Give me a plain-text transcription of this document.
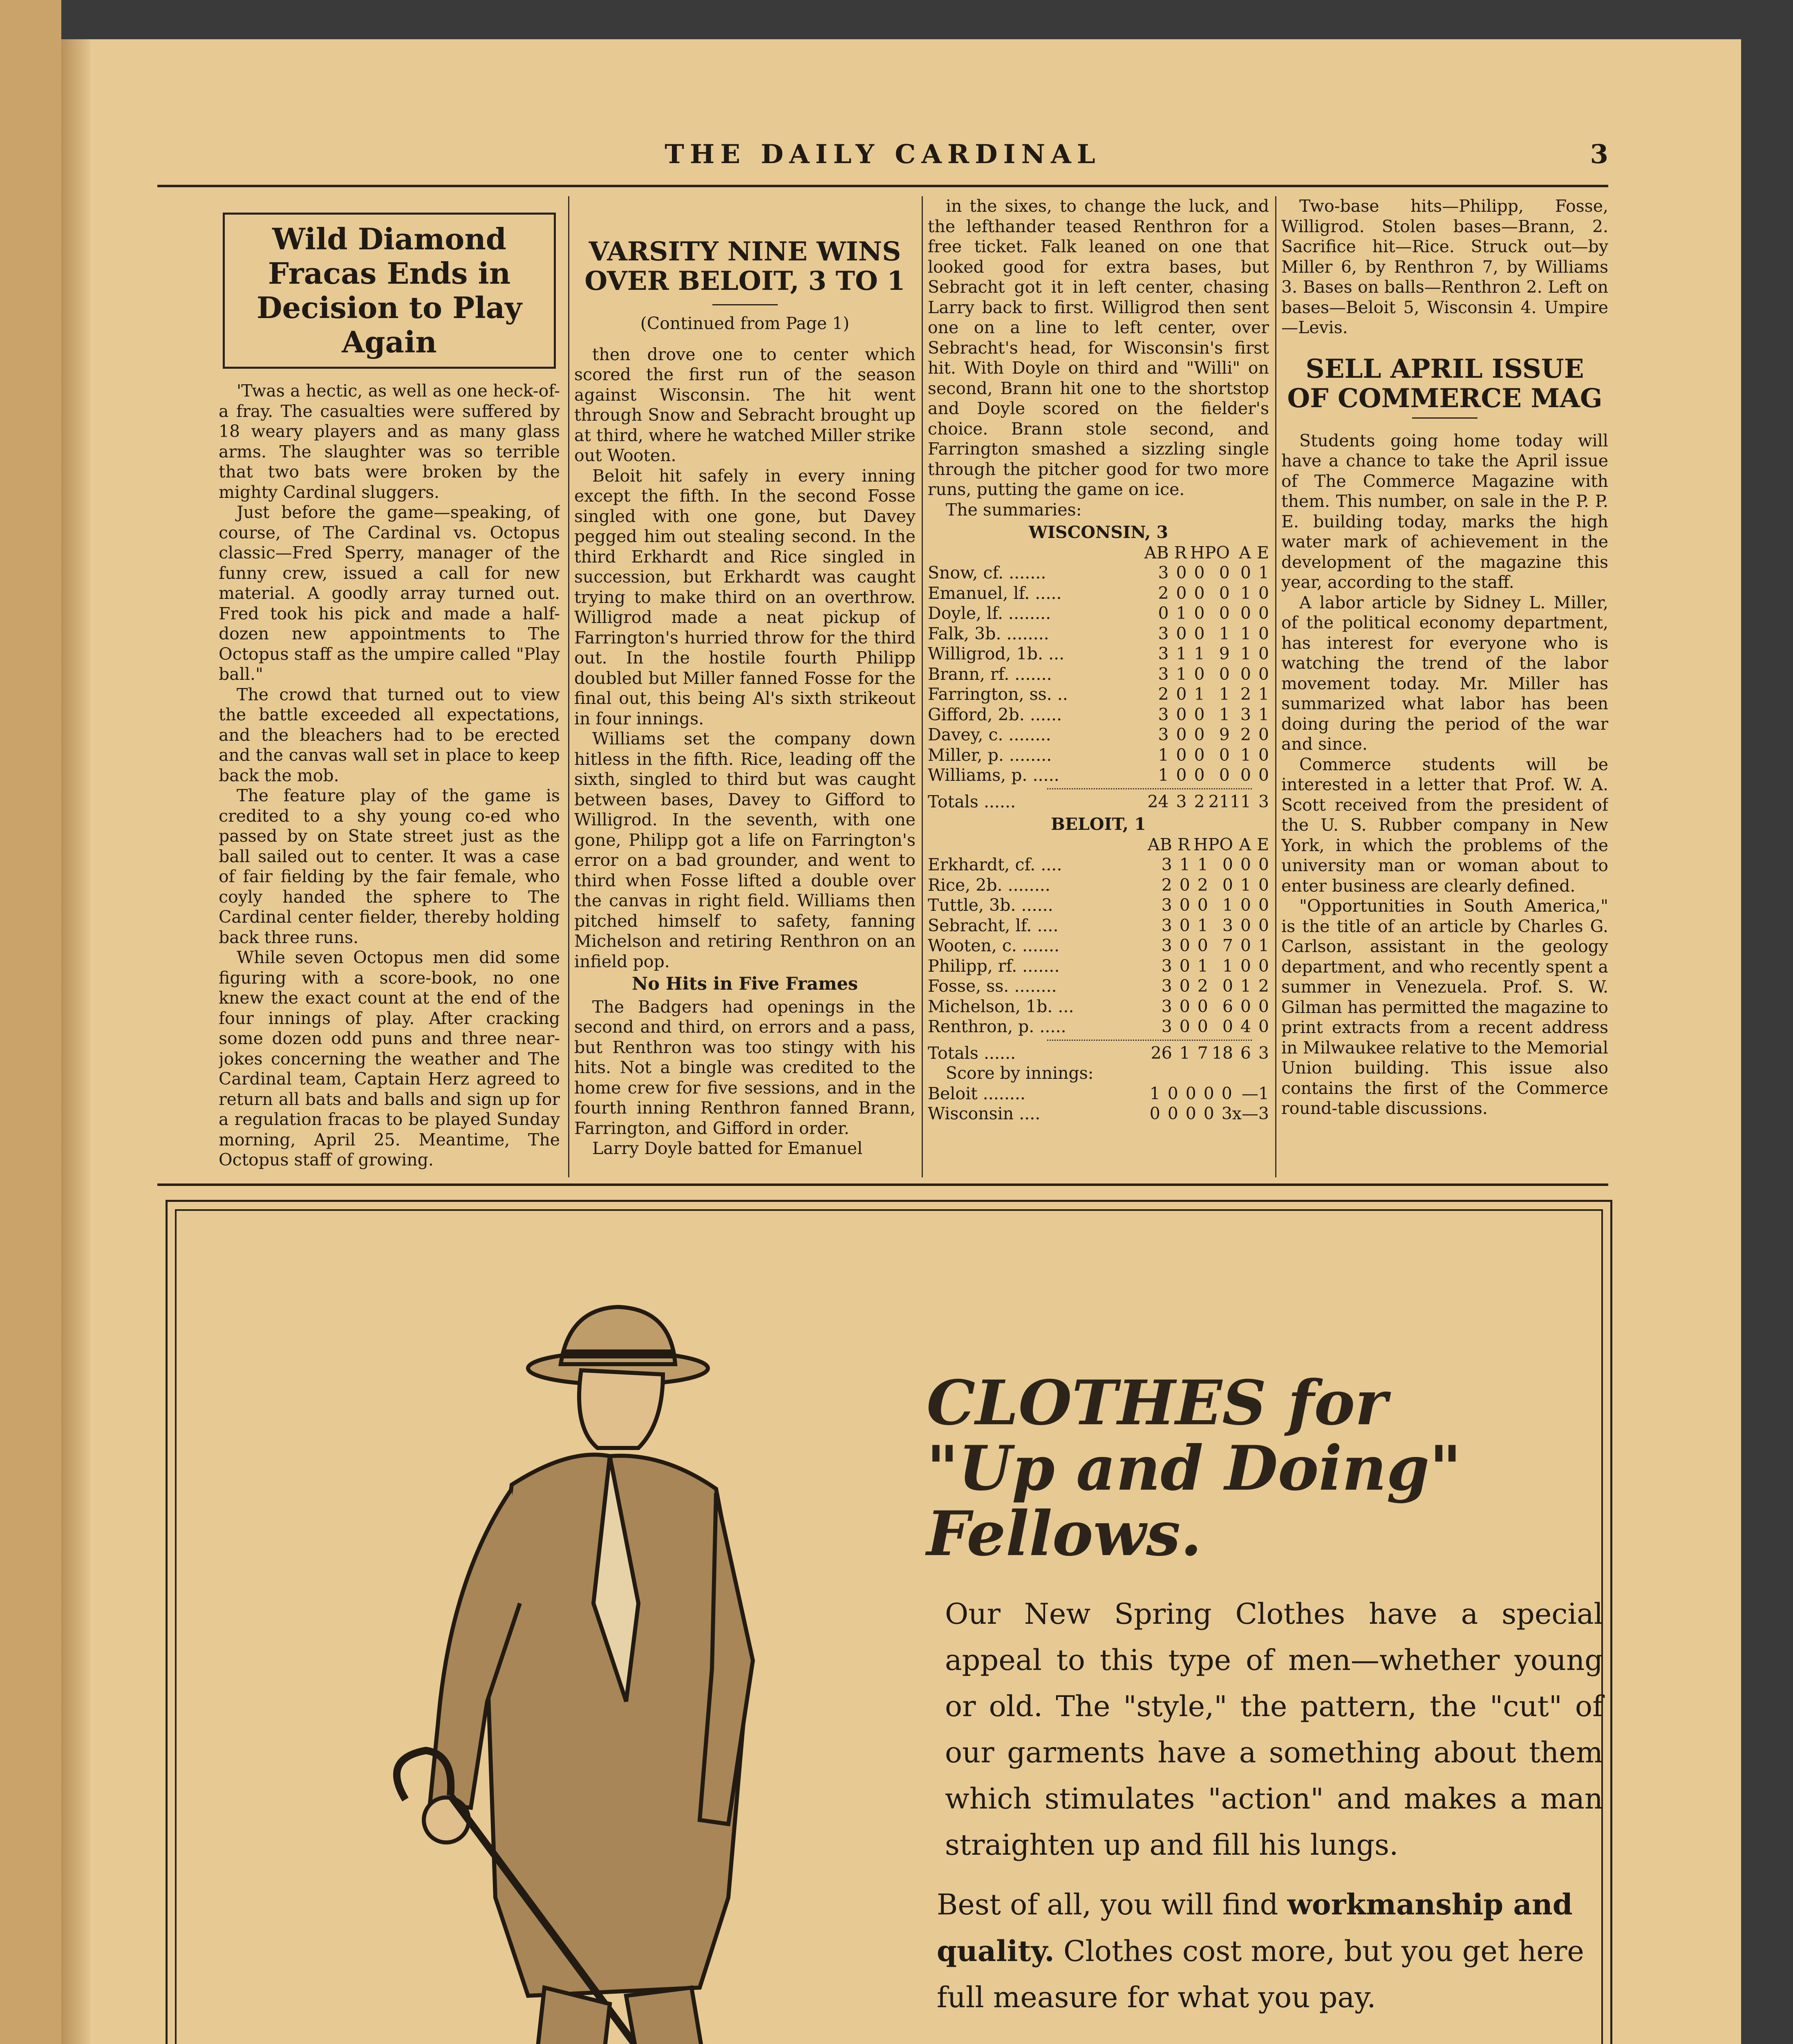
THE DAILY CARDINAL	3
Wild Diamond Fracas Ends in Decision to Play Again

'Twas a hectic, as well as one heck-of-a fray. The casualties were suffered by 18 weary players and as many glass arms. The slaughter was so terrible that two bats were broken by the mighty Cardinal sluggers.

Just before the game—speaking, of course, of The Cardinal vs. Octopus classic—Fred Sperry, manager of the funny crew, issued a call for new material. A goodly array turned out. Fred took his pick and made a half-dozen new appointments to The Octopus staff as the umpire called "Play ball."

The crowd that turned out to view the battle exceeded all expectations, and the bleachers had to be erected and the canvas wall set in place to keep back the mob.

The feature play of the game is credited to a shy young co-ed who passed by on State street just as the ball sailed out to center. It was a case of fair fielding by the fair female, who coyly handed the sphere to The Cardinal center fielder, thereby holding back three runs.

While seven Octopus men did some figuring with a score-book, no one knew the exact count at the end of the four innings of play. After cracking some dozen odd puns and three near-jokes concerning the weather and The Cardinal team, Captain Herz agreed to return all bats and balls and sign up for a regulation fracas to be played Sunday morning, April 25. Meantime, The Octopus staff of growing.

VARSITY NINE WINS OVER BELOIT, 3 TO 1
(Continued from Page 1)

then drove one to center which scored the first run of the season against Wisconsin. The hit went through Snow and Sebracht brought up at third, where he watched Miller strike out Wooten.

Beloit hit safely in every inning except the fifth. In the second Fosse singled with one gone, but Davey pegged him out stealing second. In the third Erkhardt and Rice singled in succession, but Erkhardt was caught trying to make third on an overthrow. Willigrod made a neat pickup of Farrington's hurried throw for the third out. In the hostile fourth Philipp doubled but Miller fanned Fosse for the final out, this being Al's sixth strikeout in four innings.

Williams set the company down hitless in the fifth. Rice, leading off the sixth, singled to third but was caught between bases, Davey to Gifford to Willigrod. In the seventh, with one gone, Philipp got a life on Farrington's error on a bad grounder, and went to third when Fosse lifted a double over the canvas in right field. Williams then pitched himself to safety, fanning Michelson and retiring Renthron on an infield pop.

No Hits in Five Frames

The Badgers had openings in the second and third, on errors and a pass, but Renthron was too stingy with his hits. Not a bingle was credited to the home crew for five sessions, and in the fourth inning Renthron fanned Brann, Farrington, and Gifford in order.

Larry Doyle batted for Emanuel

in the sixes, to change the luck, and the lefthander teased Renthron for a free ticket. Falk leaned on one that looked good for extra bases, but Sebracht got it in left center, chasing Larry back to first. Willigrod then sent one on a line to left center, over Sebracht's head, for Wisconsin's first hit. With Doyle on third and "Willi" on second, Brann hit one to the shortstop and Doyle scored on the fielder's choice. Brann stole second, and Farrington smashed a sizzling single through the pitcher good for two more runs, putting the game on ice.

The summaries:

WISCONSIN, 3
	AB	R	H	PO	A	E
Snow, cf. .......	3	0	0	0	0	1
Emanuel, lf. .....	2	0	0	0	1	0
Doyle, lf. ........	0	1	0	0	0	0
Falk, 3b. ........	3	0	0	1	1	0
Willigrod, 1b. ...	3	1	1	9	1	0
Brann, rf. .......	3	1	0	0	0	0
Farrington, ss. ..	2	0	1	1	2	1
Gifford, 2b. ......	3	0	0	1	3	1
Davey, c. ........	3	0	0	9	2	0
Miller, p. ........	1	0	0	0	1	0
Williams, p. .....	1	0	0	0	0	0

Totals ......	24	3	2	21	11	3
BELOIT, 1
	AB	R	H	PO	A	E
Erkhardt, cf. ....	3	1	1	0	0	0
Rice, 2b. ........	2	0	2	0	1	0
Tuttle, 3b. ......	3	0	0	1	0	0
Sebracht, lf. ....	3	0	1	3	0	0
Wooten, c. .......	3	0	0	7	0	1
Philipp, rf. .......	3	0	1	1	0	0
Fosse, ss. ........	3	0	2	0	1	2
Michelson, 1b. ...	3	0	0	6	0	0
Renthron, p. .....	3	0	0	0	4	0

Totals ......	26	1	7	18	6	3
Score by innings:
Beloit ........	1	0	0	0	0	—1
Wisconsin ....	0	0	0	0	3	x—3

Two-base hits—Philipp, Fosse, Willigrod. Stolen bases—Brann, 2. Sacrifice hit—Rice. Struck out—by Miller 6, by Renthron 7, by Williams 3. Bases on balls—Renthron 2. Left on bases—Beloit 5, Wisconsin 4. Umpire—Levis.

SELL APRIL ISSUE OF COMMERCE MAG

Students going home today will have a chance to take the April issue of The Commerce Magazine with them. This number, on sale in the P. P. E. building today, marks the high water mark of achievement in the development of the magazine this year, according to the staff.

A labor article by Sidney L. Miller, of the political economy department, has interest for everyone who is watching the trend of the labor movement today. Mr. Miller has summarized what labor has been doing during the period of the war and since.

Commerce students will be interested in a letter that Prof. W. A. Scott received from the president of the U. S. Rubber company in New York, in which the problems of the university man or woman about to enter business are clearly defined.

"Opportunities in South America," is the title of an article by Charles G. Carlson, assistant in the geology department, and who recently spent a summer in Venezuela. Prof. S. W. Gilman has permitted the magazine to print extracts from a recent address in Milwaukee relative to the Memorial Union building. This issue also contains the first of the Commerce round-table discussions.

CLOTHES for
"Up and Doing"
Fellows.
Our New Spring Clothes have a special appeal to this type of men—whether young or old. The "style," the pattern, the "cut" of our garments have a something about them which stimulates "action" and makes a man straighten up and fill his lungs.
Best of all, you will find workmanship and quality. Clothes cost more, but you get here full measure for what you pay.
